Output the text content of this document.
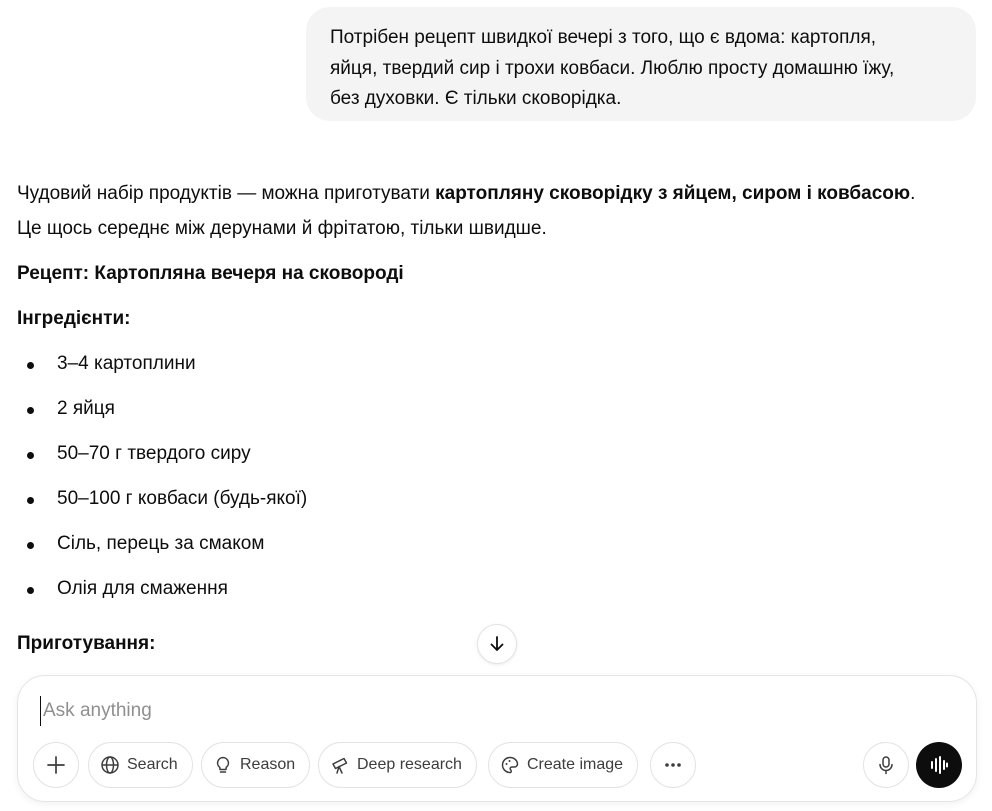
Потрібен рецепт швидкої вечері з того, що є вдома: картопля,
яйця, твердий сир і трохи ковбаси. Люблю просту домашню їжу,
без духовки. Є тільки сковорідка.
Чудовий набір продуктів — можна приготувати картопляну сковорідку з яйцем, сиром і ковбасою.
Це щось середнє між дерунами й фрітатою, тільки швидше.
Рецепт: Картопляна вечеря на сковороді
Інгредієнти:
3–4 картоплини
2 яйця
50–70 г твердого сиру
50–100 г ковбаси (будь-якої)
Сіль, перець за смаком
Олія для смаження
Приготування:
Ask anything
Search	Reason	Deep research	Create image
